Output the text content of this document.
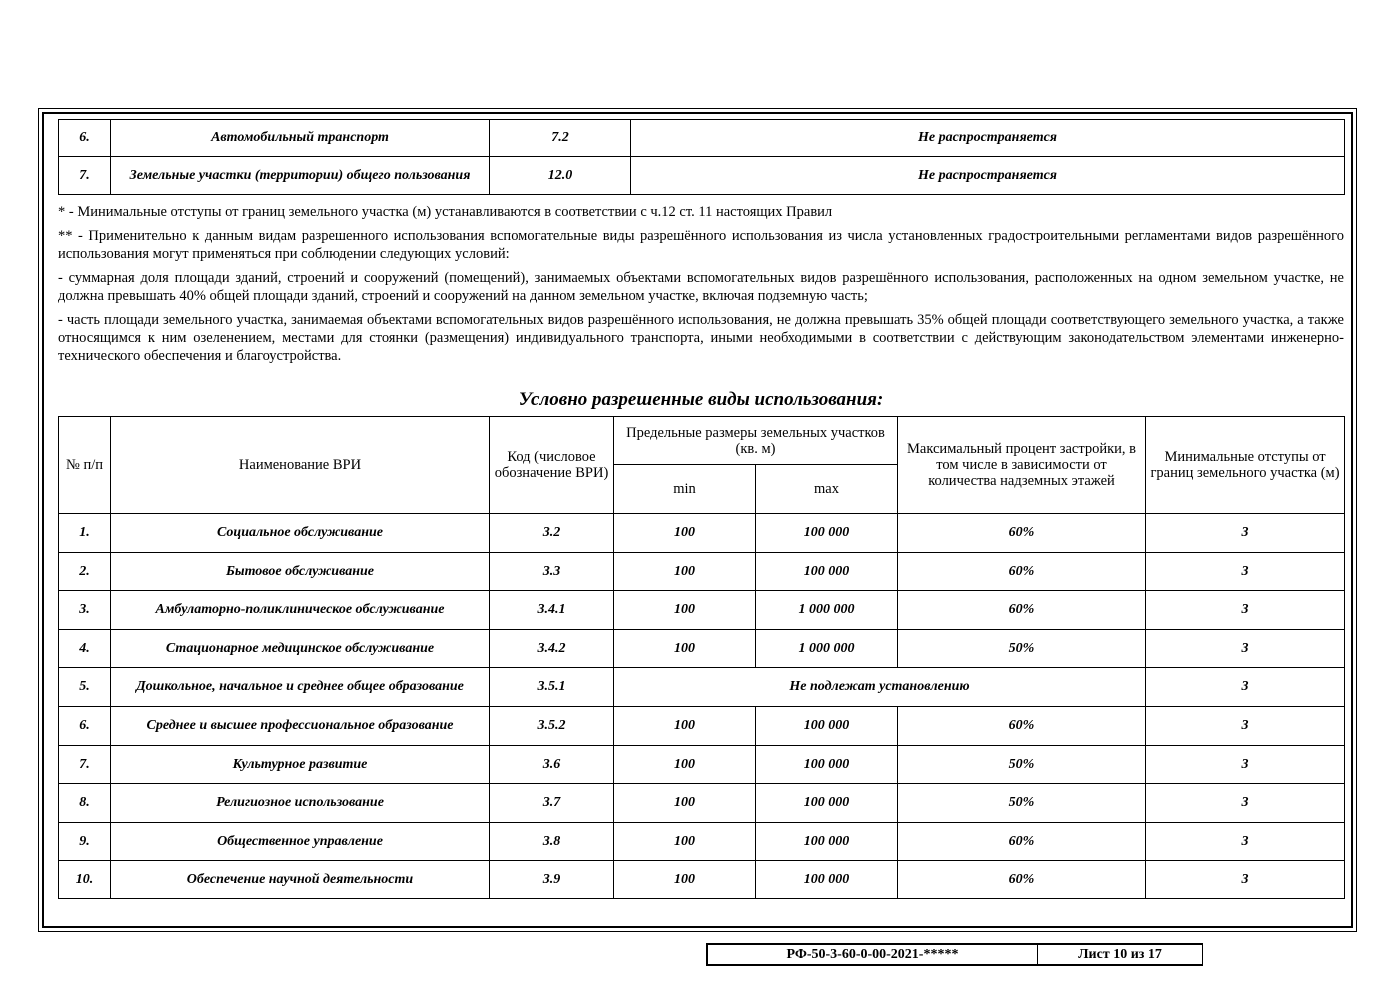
6.	Автомобильный транспорт	7.2	Не распространяется
7.	Земельные участки (территории) общего пользования	12.0	Не распространяется

* - Минимальные отступы от границ земельного участка (м) устанавливаются в соответствии с ч.12 ст. 11 настоящих Правил

** - Применительно к данным видам разрешенного использования вспомогательные виды разрешённого использования из числа установленных градостроительными регламентами видов разрешённого использования могут применяться при соблюдении следующих условий:

- суммарная доля площади зданий, строений и сооружений (помещений), занимаемых объектами вспомогательных видов разрешённого использования, расположенных на одном земельном участке, не должна превышать 40% общей площади зданий, строений и сооружений на данном земельном участке, включая подземную часть;

- часть площади земельного участка, занимаемая объектами вспомогательных видов разрешённого использования, не должна превышать 35% общей площади соответствующего земельного участка, а также относящимся к ним озеленением, местами для стоянки (размещения) индивидуального транспорта, иными необходимыми в соответствии с действующим законодательством элементами инженерно-технического обеспечения и благоустройства.

Условно разрешенные виды использования:
№ п/п	Наименование ВРИ	Код (числовое обозначение ВРИ)	Предельные размеры земельных участков (кв. м)		Максимальный процент застройки, в том числе в зависимости от количества надземных этажей	Минимальные отступы от границ земельного участка (м)
			min	max		
1.	Социальное обслуживание	3.2	100	100 000	60%	3
2.	Бытовое обслуживание	3.3	100	100 000	60%	3
3.	Амбулаторно-поликлиническое обслуживание	3.4.1	100	1 000 000	60%	3
4.	Стационарное медицинское обслуживание	3.4.2	100	1 000 000	50%	3
5.	Дошкольное, начальное и среднее общее образование	3.5.1	Не подлежат установлению			3
6.	Среднее и высшее профессиональное образование	3.5.2	100	100 000	60%	3
7.	Культурное развитие	3.6	100	100 000	50%	3
8.	Религиозное использование	3.7	100	100 000	50%	3
9.	Общественное управление	3.8	100	100 000	60%	3
10.	Обеспечение научной деятельности	3.9	100	100 000	60%	3
РФ-50-3-60-0-00-2021-*****	Лист 10 из 17
